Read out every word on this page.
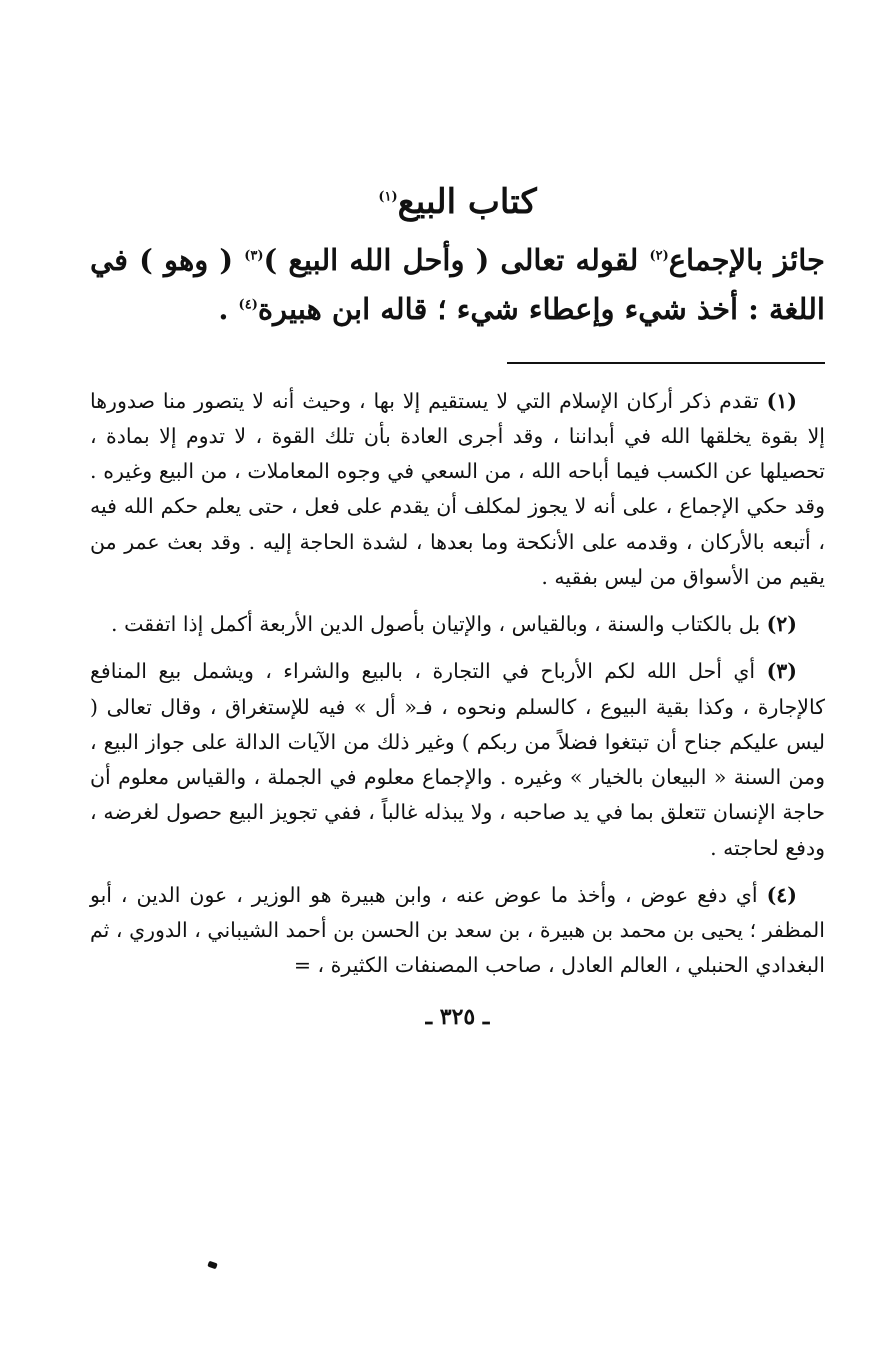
كتاب البيع$^{(١)}$

جائز بالإجماع$^{(٢)}$ لقوله تعالى ( وأحل الله البيع )$^{(٣)}$ ( وهو ) في اللغة : أخذ شيء وإعطاء شيء ؛ قاله ابن هبيرة$^{(٤)}$ .

(١) تقدم ذكر أركان الإسلام التي لا يستقيم إلا بها ، وحيث أنه لا يتصور منا صدورها إلا بقوة يخلقها الله في أبداننا ، وقد أجرى العادة بأن تلك القوة ، لا تدوم إلا بمادة ، تحصيلها عن الكسب فيما أباحه الله ، من السعي في وجوه المعاملات ، من البيع وغيره . وقد حكي الإجماع ، على أنه لا يجوز لمكلف أن يقدم على فعل ، حتى يعلم حكم الله فيه ، أتبعه بالأركان ، وقدمه على الأنكحة وما بعدها ، لشدة الحاجة إليه . وقد بعث عمر من يقيم من الأسواق من ليس بفقيه .

(٢) بل بالكتاب والسنة ، وبالقياس ، والإتيان بأصول الدين الأربعة أكمل إذا اتفقت .

(٣) أي أحل الله لكم الأرباح في التجارة ، بالبيع والشراء ، ويشمل بيع المنافع كالإجارة ، وكذا بقية البيوع ، كالسلم ونحوه ، فـ« أل » فيه للإستغراق ، وقال تعالى ( ليس عليكم جناح أن تبتغوا فضلاً من ربكم ) وغير ذلك من الآيات الدالة على جواز البيع ، ومن السنة « البيعان بالخيار » وغيره . والإجماع معلوم في الجملة ، والقياس معلوم أن حاجة الإنسان تتعلق بما في يد صاحبه ، ولا يبذله غالباً ، ففي تجويز البيع حصول لغرضه ، ودفع لحاجته .

(٤) أي دفع عوض ، وأخذ ما عوض عنه ، وابن هبيرة هو الوزير ، عون الدين ، أبو المظفر ؛ يحيى بن محمد بن هبيرة ، بن سعد بن الحسن بن أحمد الشيباني ، الدوري ، ثم البغدادي الحنبلي ، العالم العادل ، صاحب المصنفات الكثيرة ، =

ـ ٣٢٥ ـ
